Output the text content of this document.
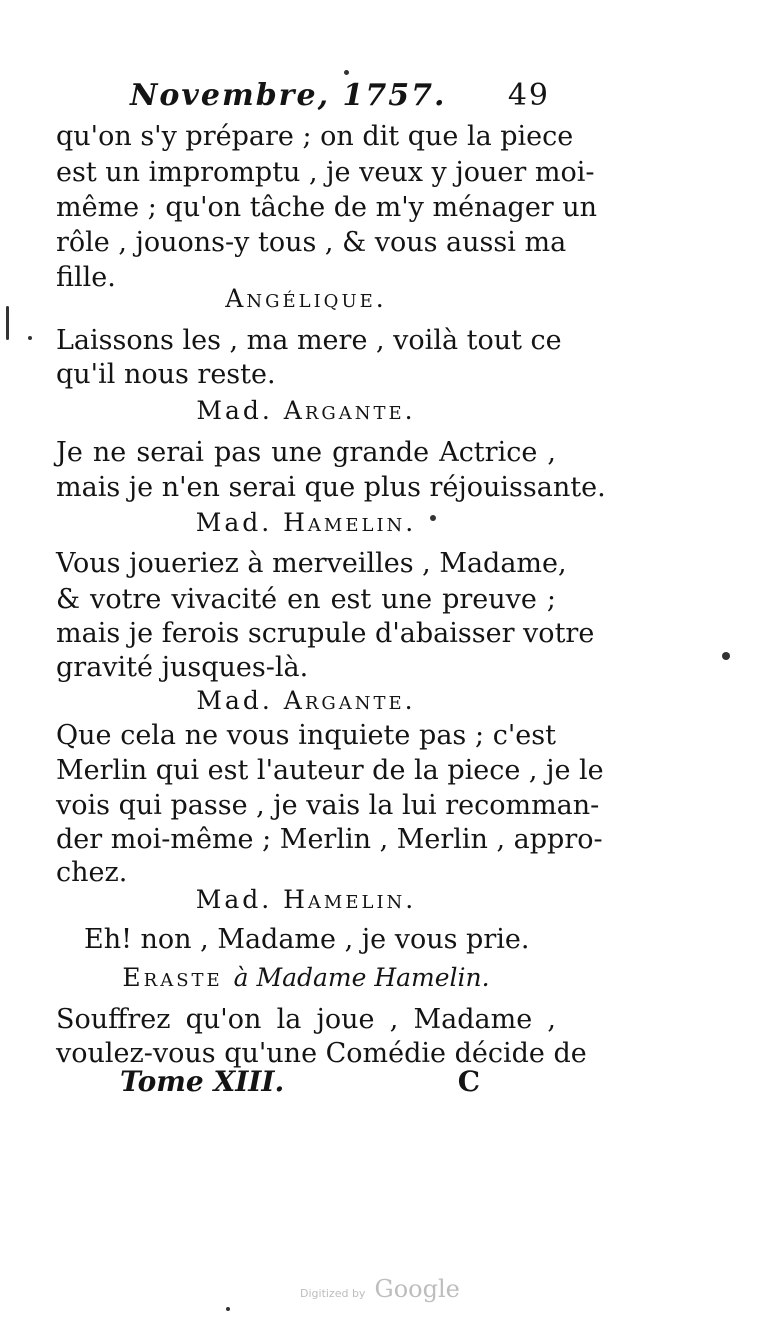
Novembre, 1757. 49
qu'on s'y prépare ; on dit que la piece
est un impromptu , je veux y jouer moi-
même ; qu'on tâche de m'y ménager un
rôle , jouons-y tous , & vous aussi ma
fille.
Angélique.
Laissons les , ma mere , voilà tout ce
qu'il nous reste.
Mad. Argante.
Je ne serai pas une grande Actrice ,
mais je n'en serai que plus réjouissante.
Mad. Hamelin.
Vous joueriez à merveilles , Madame,
& votre vivacité en est une preuve ;
mais je ferois scrupule d'abaisser votre
gravité jusques-là.
Mad. Argante.
Que cela ne vous inquiete pas ; c'est
Merlin qui est l'auteur de la piece , je le
vois qui passe , je vais la lui recomman-
der moi-même ; Merlin , Merlin , appro-
chez.
Mad. Hamelin.
Eh! non , Madame , je vous prie.
Eraste à Madame Hamelin.
Souffrez qu'on la joue , Madame ,
voulez-vous qu'une Comédie décide de
Tome XIII.	C
Digitized by Google
